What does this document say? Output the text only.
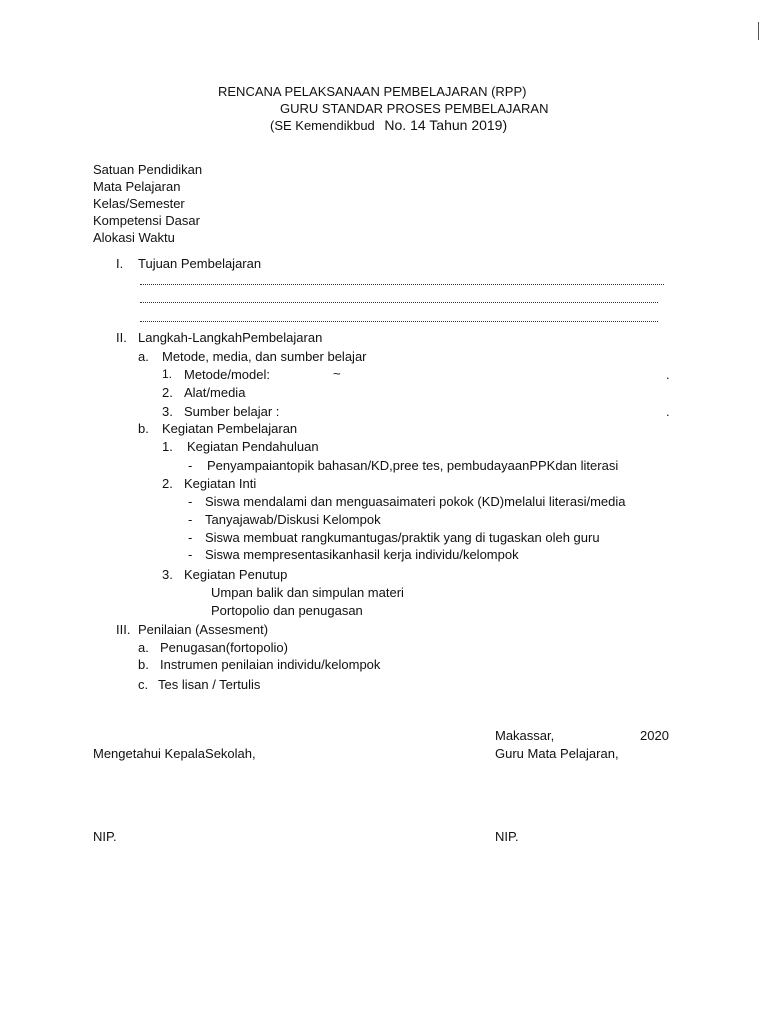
RENCANA PELAKSANAAN PEMBELAJARAN (RPP)
GURU STANDAR PROSES PEMBELAJARAN
(SE Kemendikbud No. 14 Tahun 2019)
Satuan Pendidikan
Mata Pelajaran
Kelas/Semester
Kompetensi Dasar
Alokasi Waktu
I. Tujuan Pembelajaran
II. Langkah-LangkahPembelajaran
a. Metode, media, dan sumber belajar
1. Metode/model:	~	.
2. Alat/media
3. Sumber belajar :	.
b. Kegiatan Pembelajaran
1. Kegiatan Pendahuluan
- Penyampaiantopik bahasan/KD,pree tes, pembudayaanPPKdan literasi
2. Kegiatan Inti
- Siswa mendalami dan menguasaimateri pokok (KD)melalui literasi/media
- Tanyajawab/Diskusi Kelompok
- Siswa membuat rangkumantugas/praktik yang di tugaskan oleh guru
- Siswa mempresentasikanhasil kerja individu/kelompok
3. Kegiatan Penutup
Umpan balik dan simpulan materi
Portopolio dan penugasan
III. Penilaian (Assesment)
a. Penugasan(fortopolio)
b. Instrumen penilaian individu/kelompok
c. Tes lisan / Tertulis
Makassar,	2020
Mengetahui KepalaSekolah,	Guru Mata Pelajaran,
NIP.	NIP.
